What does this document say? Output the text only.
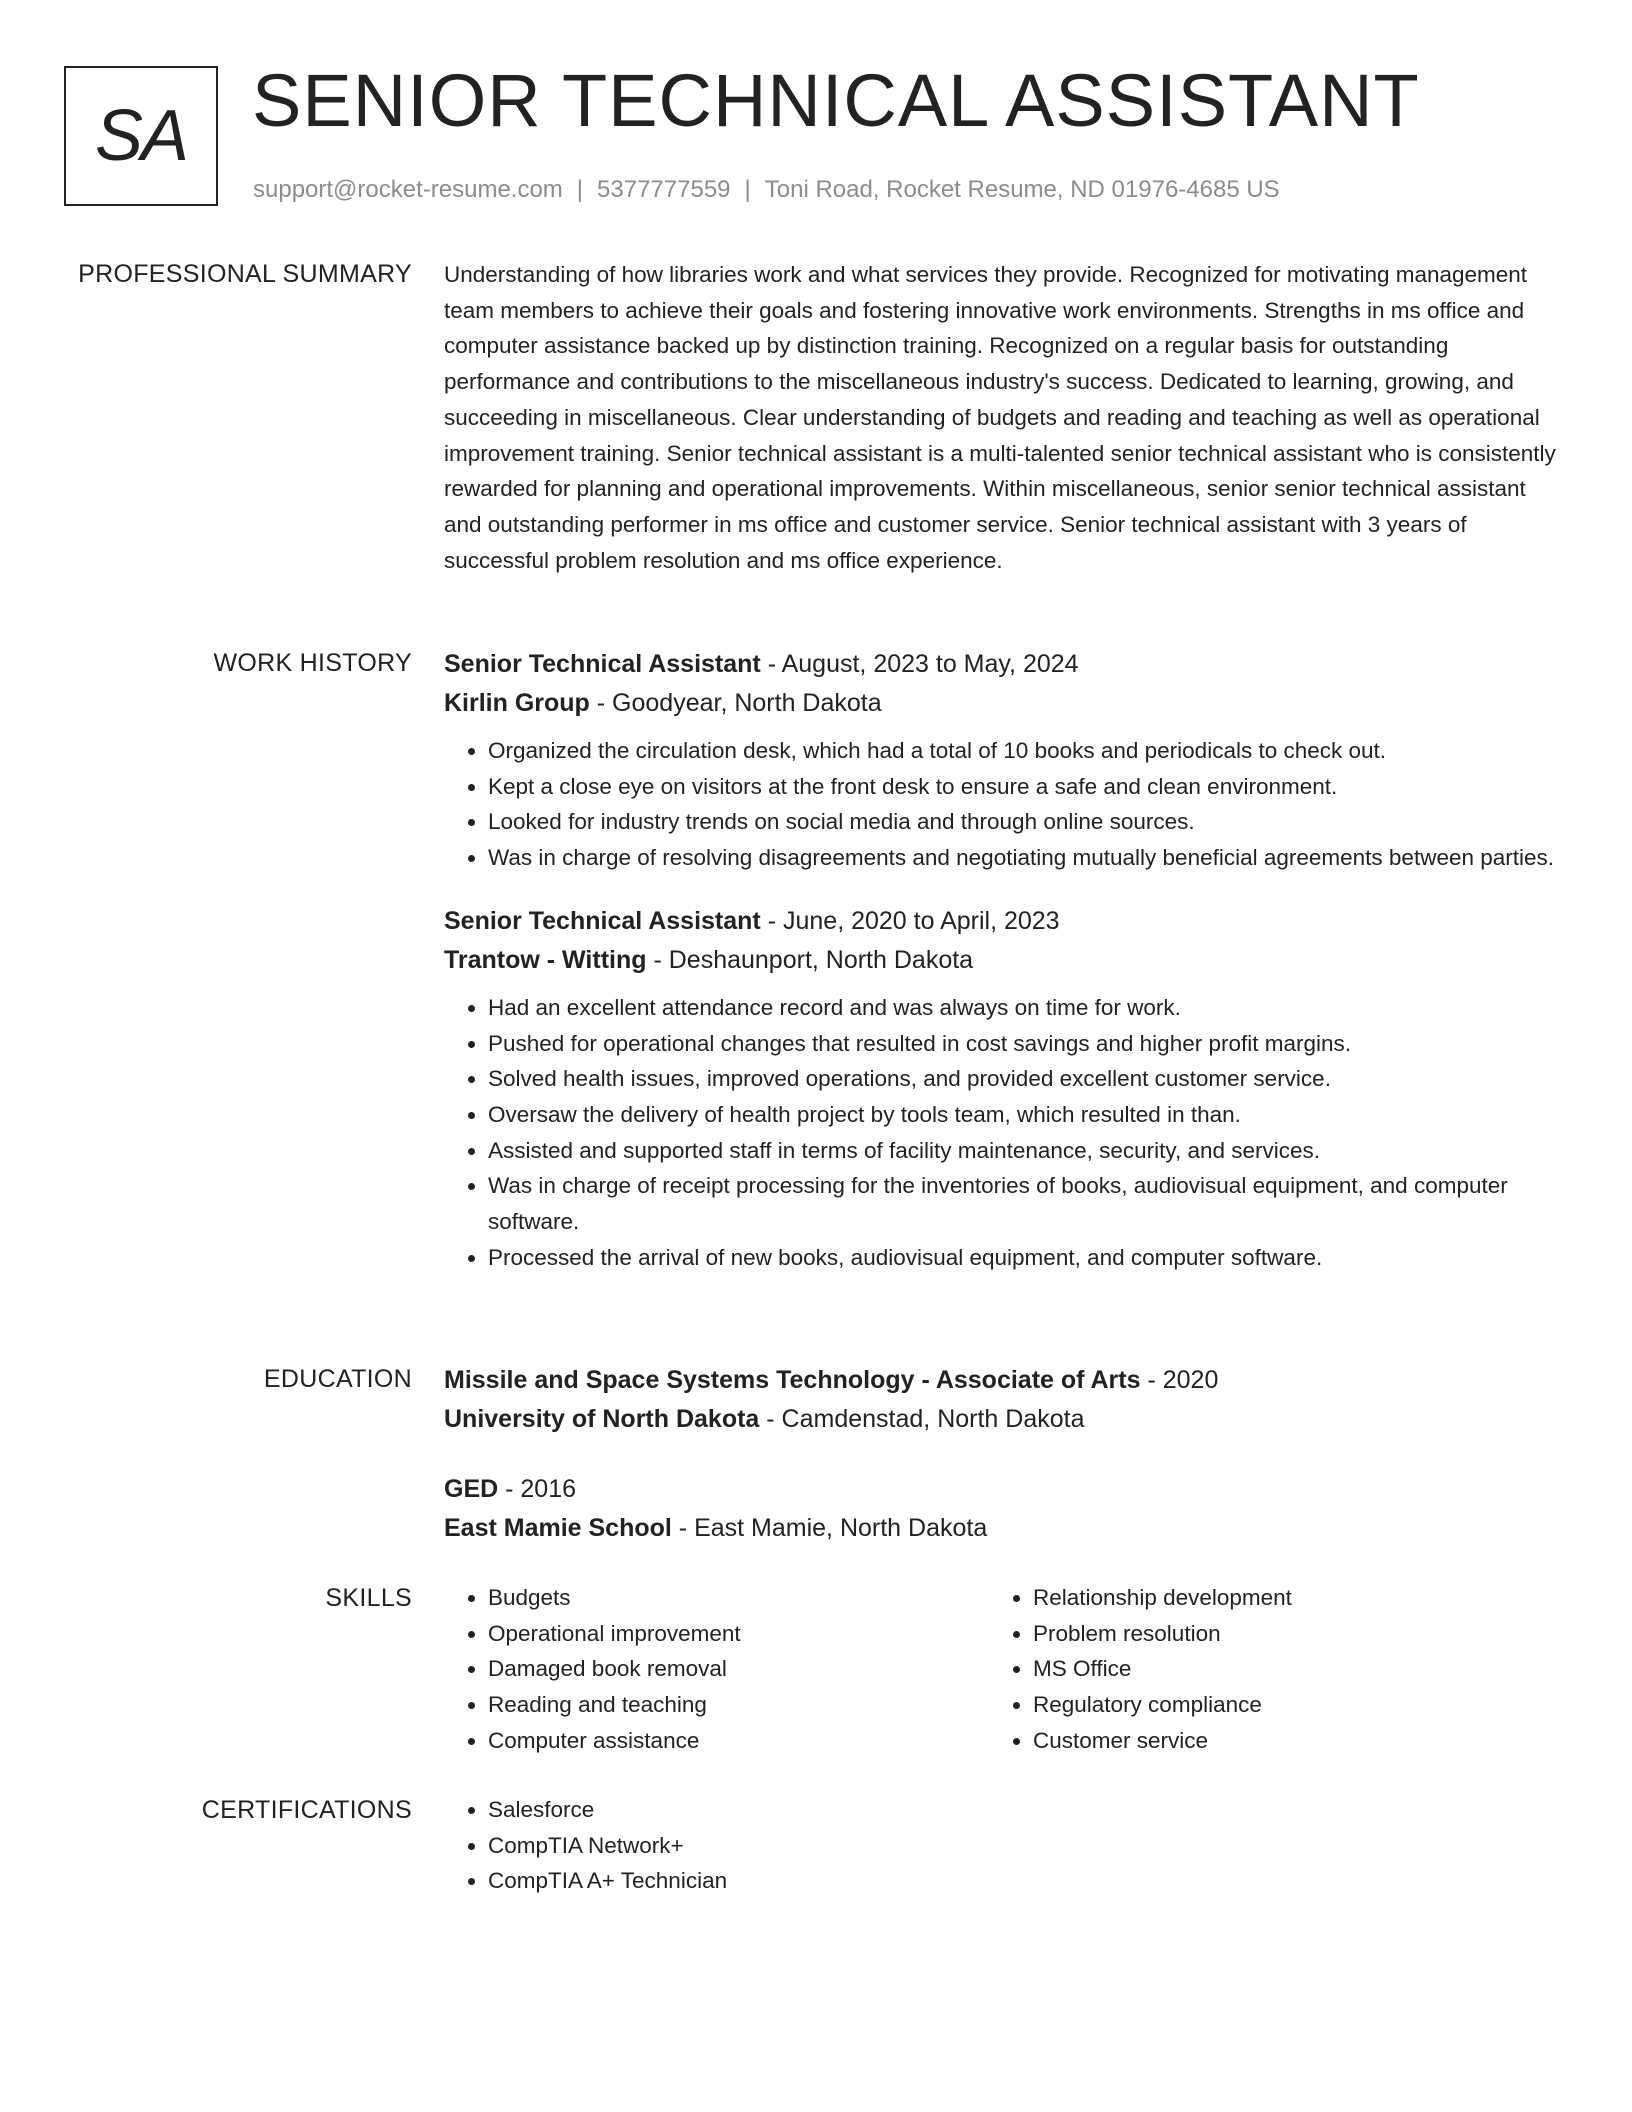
SA SENIOR TECHNICAL ASSISTANT
support@rocket-resume.com | 5377777559 | Toni Road, Rocket Resume, ND 01976-4685 US
PROFESSIONAL SUMMARY Understanding of how libraries work and what services they provide. Recognized for motivating management team members to achieve their goals and fostering innovative work environments. Strengths in ms office and computer assistance backed up by distinction training. Recognized on a regular basis for outstanding performance and contributions to the miscellaneous industry's success. Dedicated to learning, growing, and succeeding in miscellaneous. Clear understanding of budgets and reading and teaching as well as operational improvement training. Senior technical assistant is a multi-talented senior technical assistant who is consistently rewarded for planning and operational improvements. Within miscellaneous, senior senior technical assistant and outstanding performer in ms office and customer service. Senior technical assistant with 3 years of successful problem resolution and ms office experience.

WORK HISTORY Senior Technical Assistant - August, 2023 to May, 2024
Kirlin Group - Goodyear, North Dakota
• Organized the circulation desk, which had a total of 10 books and periodicals to check out.
• Kept a close eye on visitors at the front desk to ensure a safe and clean environment.
• Looked for industry trends on social media and through online sources.
• Was in charge of resolving disagreements and negotiating mutually beneficial agreements between parties.
Senior Technical Assistant - June, 2020 to April, 2023
Trantow - Witting - Deshaunport, North Dakota
• Had an excellent attendance record and was always on time for work.
• Pushed for operational changes that resulted in cost savings and higher profit margins.
• Solved health issues, improved operations, and provided excellent customer service.
• Oversaw the delivery of health project by tools team, which resulted in than.
• Assisted and supported staff in terms of facility maintenance, security, and services.
• Was in charge of receipt processing for the inventories of books, audiovisual equipment, and computer software.
• Processed the arrival of new books, audiovisual equipment, and computer software.
EDUCATION Missile and Space Systems Technology - Associate of Arts - 2020
University of North Dakota - Camdenstad, North Dakota
GED - 2016
East Mamie School - East Mamie, North Dakota
SKILLS	• Budgets
• Operational improvement
• Damaged book removal
• Reading and teaching
• Computer assistance
• Relationship development
• Problem resolution
• MS Office
• Regulatory compliance
• Customer service
CERTIFICATIONS	• Salesforce
• CompTIA Network+
• CompTIA A+ Technician
